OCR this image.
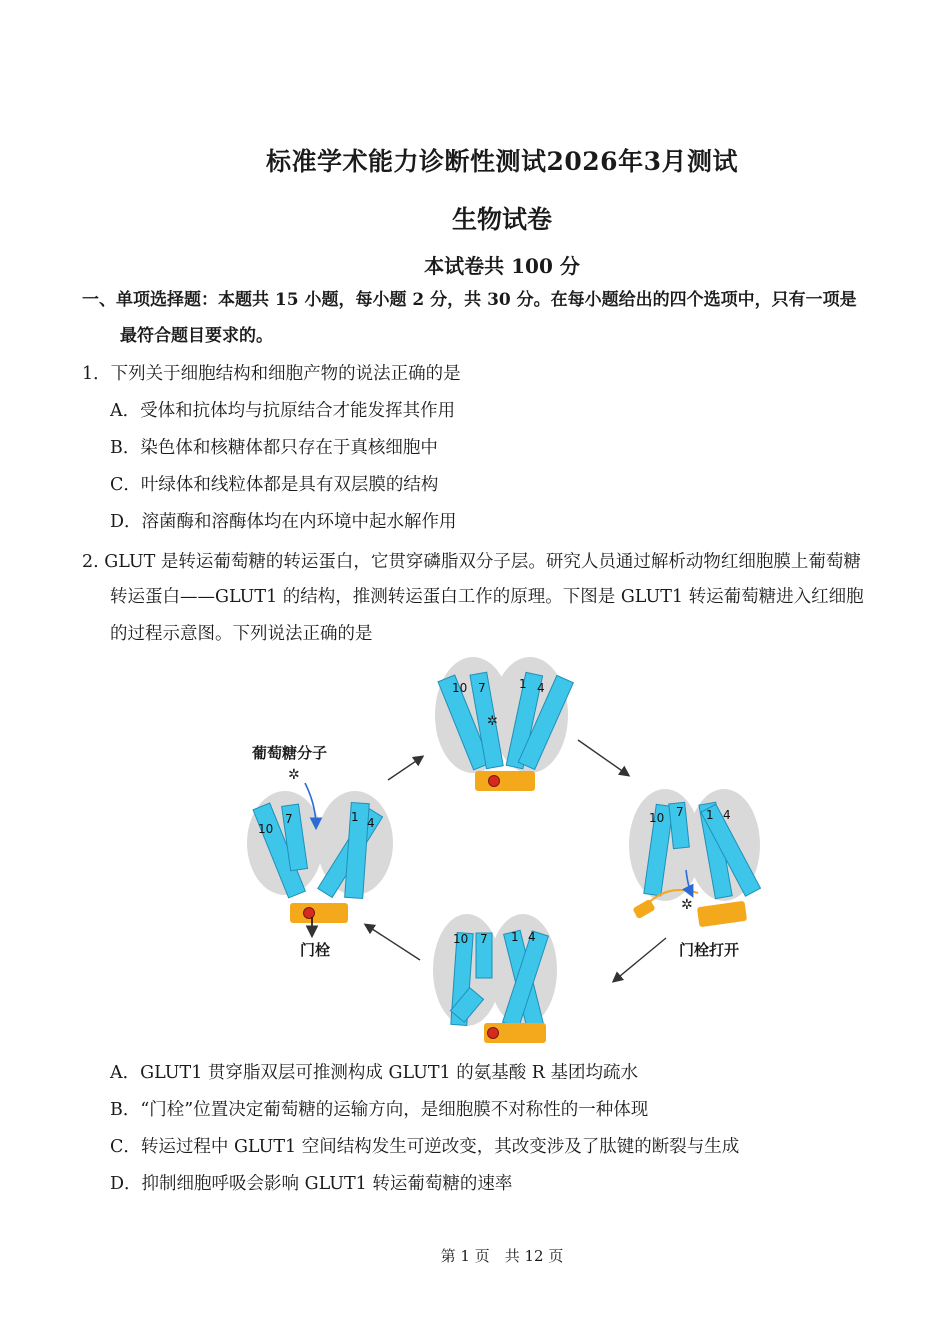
标准学术能力诊断性测试2026年3月测试
生物试卷
本试卷共 100 分
一、单项选择题：本题共 15 小题，每小题 2 分，共 30 分。在每小题给出的四个选项中，只有一项是
最符合题目要求的。
1．下列关于细胞结构和细胞产物的说法正确的是
A．受体和抗体均与抗原结合才能发挥其作用
B．染色体和核糖体都只存在于真核细胞中
C．叶绿体和线粒体都是具有双层膜的结构
D．溶菌酶和溶酶体均在内环境中起水解作用
2. GLUT 是转运葡萄糖的转运蛋白，它贯穿磷脂双分子层。研究人员通过解析动物红细胞膜上葡萄糖
转运蛋白——GLUT1 的结构，推测转运蛋白工作的原理。下图是 GLUT1 转运葡萄糖进入红细胞
的过程示意图。下列说法正确的是
10 7	1 4
✲
10
7	1 4
✲
葡萄糖分子
门栓
10 7 1 4
✲
门栓打开
10 7 1 4
A．GLUT1 贯穿脂双层可推测构成 GLUT1 的氨基酸 R 基团均疏水
B．“门栓”位置决定葡萄糖的运输方向，是细胞膜不对称性的一种体现
C．转运过程中 GLUT1 空间结构发生可逆改变，其改变涉及了肽键的断裂与生成
D．抑制细胞呼吸会影响 GLUT1 转运葡萄糖的速率
第 1 页　共 12 页
